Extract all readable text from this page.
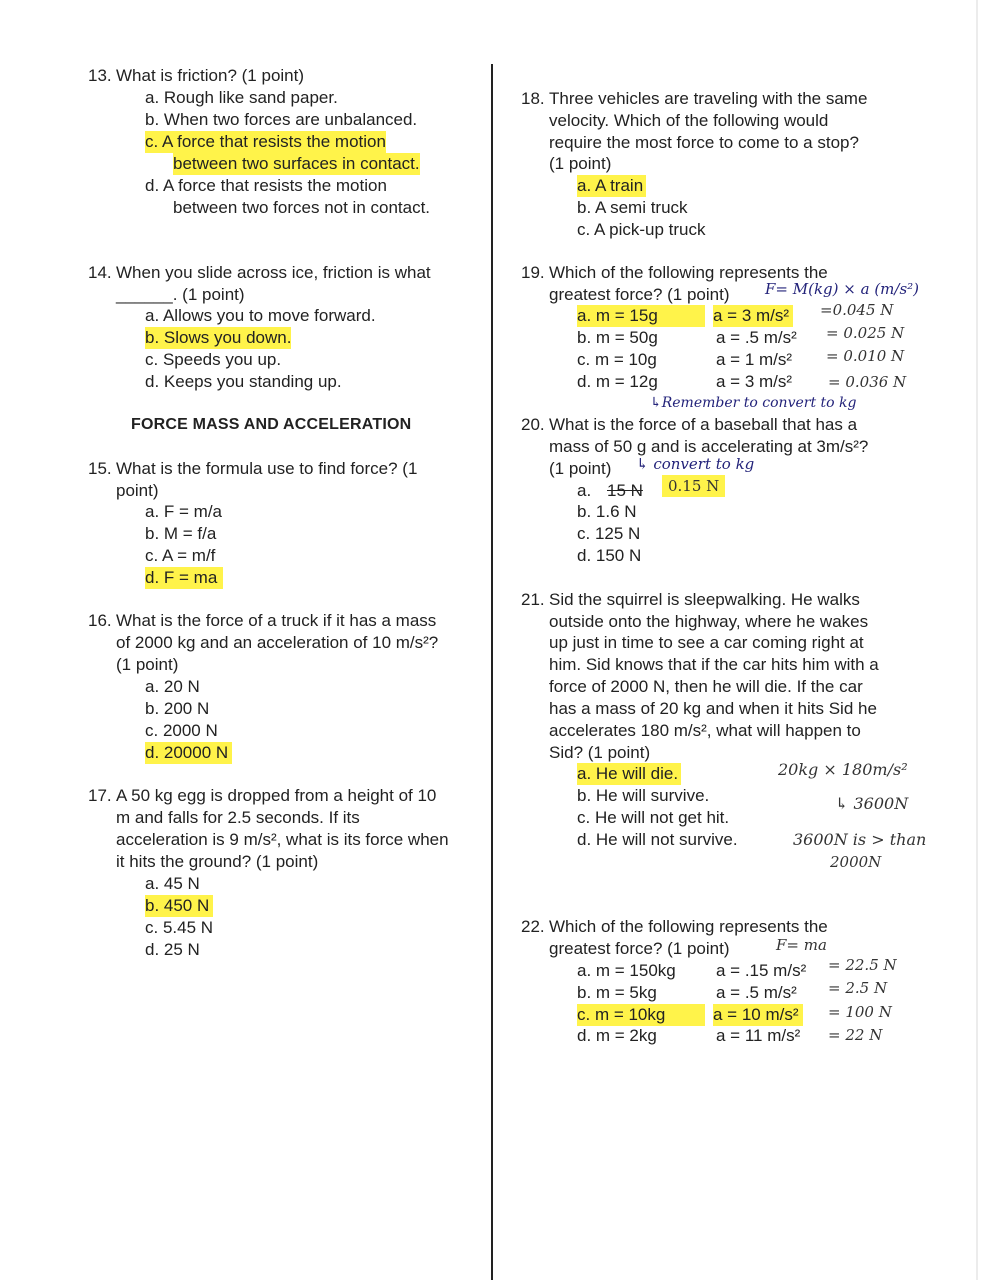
13. What is friction? (1 point)
a. Rough like sand paper.
b. When two forces are unbalanced.
c. A force that resists the motion
between two surfaces in contact.
d. A force that resists the motion
between two forces not in contact.
14. When you slide across ice, friction is what
______. (1 point)
a. Allows you to move forward.
b. Slows you down.
c. Speeds you up.
d. Keeps you standing up.
FORCE MASS AND ACCELERATION
15. What is the formula use to find force? (1
point)
a. F = m/a
b. M = f/a
c. A = m/f
d. F = ma
16. What is the force of a truck if it has a mass
of 2000 kg and an acceleration of 10 m/s²?
(1 point)
a. 20 N
b. 200 N
c. 2000 N
d. 20000 N
17. A 50 kg egg is dropped from a height of 10
m and falls for 2.5 seconds. If its
acceleration is 9 m/s², what is its force when
it hits the ground? (1 point)
a. 45 N
b. 450 N
c. 5.45 N
d. 25 N
18. Three vehicles are traveling with the same
velocity. Which of the following would
require the most force to come to a stop?
(1 point)
a. A train
b. A semi truck
c. A pick-up truck
19. Which of the following represents the
greatest force? (1 point)
a. m = 15g	a = 3 m/s²
b. m = 50g	a = .5 m/s²
c. m = 10g	a = 1 m/s²
d. m = 12g	a = 3 m/s²
20. What is the force of a baseball that has a
mass of 50 g and is accelerating at 3m/s²?
(1 point)
a. 15 N
b. 1.6 N
c. 125 N
d. 150 N
21. Sid the squirrel is sleepwalking. He walks
outside onto the highway, where he wakes
up just in time to see a car coming right at
him. Sid knows that if the car hits him with a
force of 2000 N, then he will die. If the car
has a mass of 20 kg and when it hits Sid he
accelerates 180 m/s², what will happen to
Sid? (1 point)
a. He will die.
b. He will survive.
c. He will not get hit.
d. He will not survive.
22. Which of the following represents the
greatest force? (1 point)
a. m = 150kg a = .15 m/s²
b. m = 5kg	a = .5 m/s²
c. m = 10kg	a = 10 m/s²
d. m = 2kg	a = 11 m/s²
F= M(kg) × a (m/s²)
=0.045 N
= 0.025 N
= 0.010 N
= 0.036 N
↳Remember to convert to kg
↳ convert to kg
0.15 N
20kg × 180m/s²
↳ 3600N
3600N is > than
2000N
F= ma
= 22.5 N
= 2.5 N
= 100 N
= 22 N
